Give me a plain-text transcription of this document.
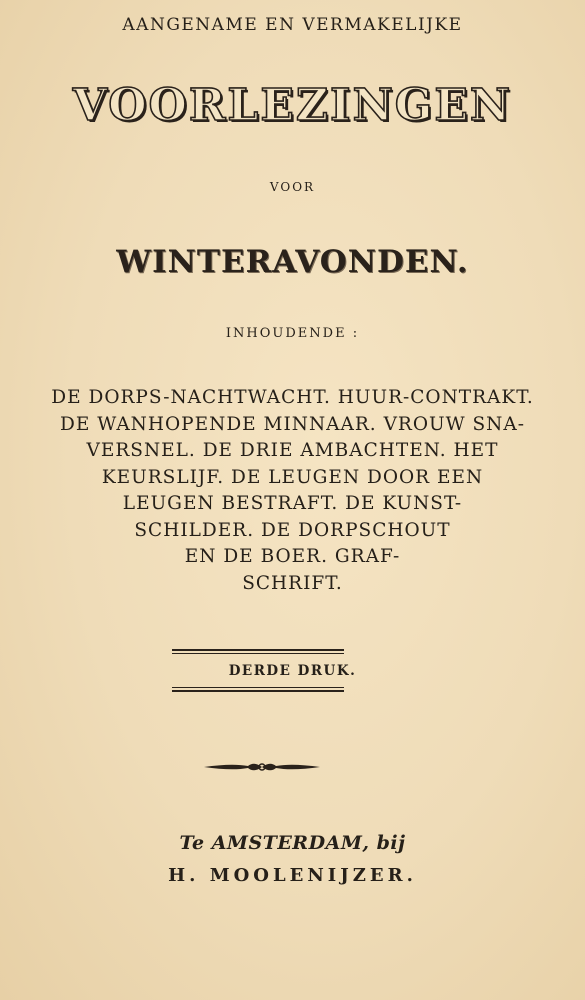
AANGENAME EN VERMAKELIJKE
VOORLEZINGEN
VOOR
WINTERAVONDEN.
INHOUDENDE :
DE DORPS-NACHTWACHT. HUUR-CONTRAKT.
DE WANHOPENDE MINNAAR. VROUW SNA-
VERSNEL. DE DRIE AMBACHTEN. HET
KEURSLIJF. DE LEUGEN DOOR EEN
LEUGEN BESTRAFT. DE KUNST-
SCHILDER. DE DORPSCHOUT
EN DE BOER. GRAF-
SCHRIFT.
DERDE DRUK.
Te AMSTERDAM, bij
H. MOOLENIJZER.
